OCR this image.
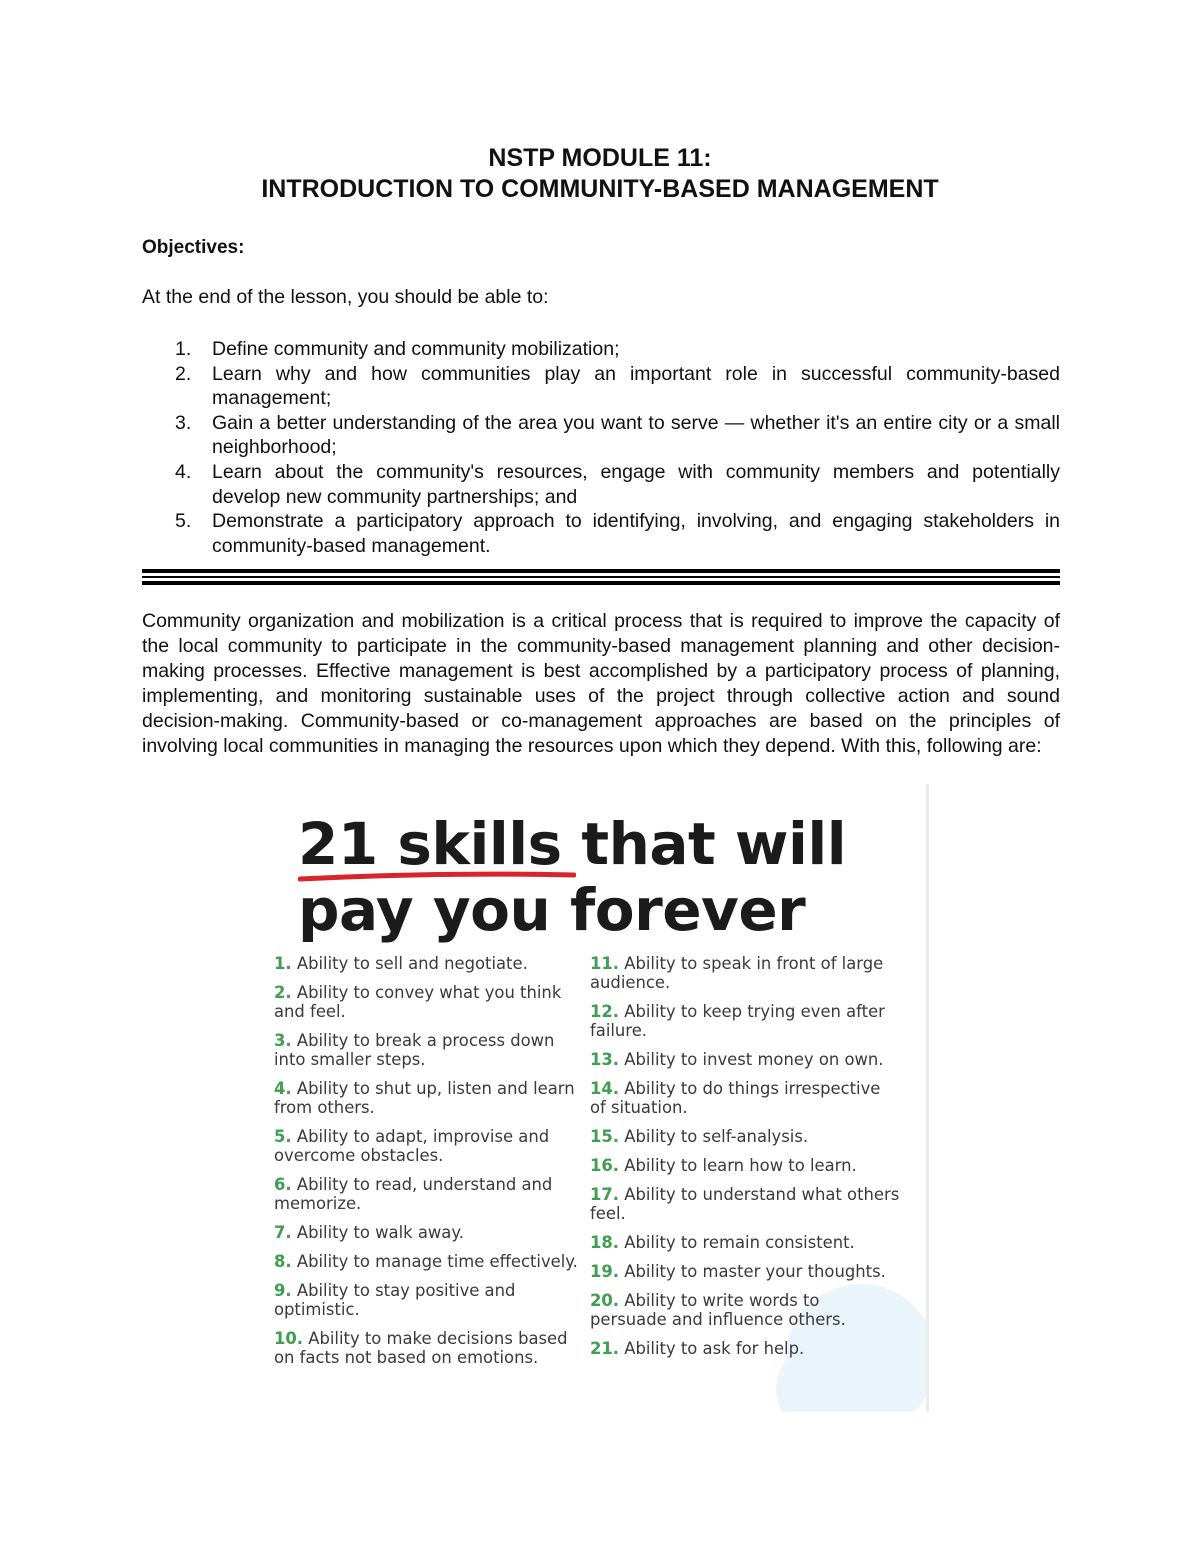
NSTP MODULE 11:
INTRODUCTION TO COMMUNITY-BASED MANAGEMENT
Objectives:
At the end of the lesson, you should be able to:
1.	Define community and community mobilization;
2.	Learn why and how communities play an important role in successful community-based management;
3.	Gain a better understanding of the area you want to serve — whether it's an entire city or a small neighborhood;
4.	Learn about the community's resources, engage with community members and potentially develop new community partnerships; and
5.	Demonstrate a participatory approach to identifying, involving, and engaging stakeholders in community-based management.

Community organization and mobilization is a critical process that is required to improve the capacity of the local community to participate in the community-based management planning and other decision-making processes. Effective management is best accomplished by a participatory process of planning, implementing, and monitoring sustainable uses of the project through collective action and sound decision-making. Community-based or co-management approaches are based on the principles of involving local communities in managing the resources upon which they depend. With this, following are:

21 skills that will
pay you forever
1. Ability to sell and negotiate.
2. Ability to convey what you think and feel.
3. Ability to break a process down into smaller steps.
4. Ability to shut up, listen and learn from others.
5. Ability to adapt, improvise and overcome obstacles.
6. Ability to read, understand and memorize.
7. Ability to walk away.
8. Ability to manage time effectively.
9. Ability to stay positive and optimistic.
10. Ability to make decisions based on facts not based on emotions.
11. Ability to speak in front of large audience.
12. Ability to keep trying even after failure.
13. Ability to invest money on own.
14. Ability to do things irrespective of situation.
15. Ability to self-analysis.
16. Ability to learn how to learn.
17. Ability to understand what others feel.
18. Ability to remain consistent.
19. Ability to master your thoughts.
20. Ability to write words to persuade and influence others.
21. Ability to ask for help.
